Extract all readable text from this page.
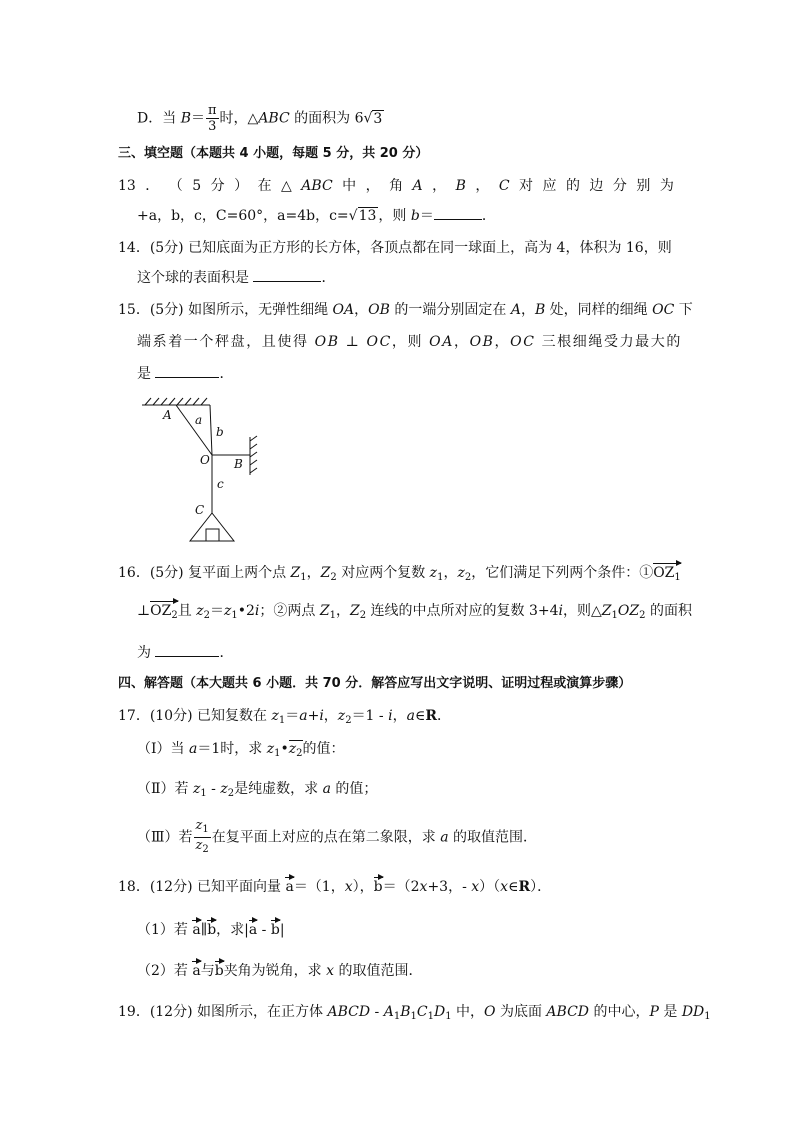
D．当 $B= \frac{\pi}{3}$ 时，△ABC 的面积为 6√3
三、填空题（本题共 4 小题，每题 5 分，共 20 分）
13 ． （ 5 分 ） 在 △ ABC 中 ， 角 A ， B ， C 对 应 的 边 分 别 为
+a，b，c，C=60°，a=4b，c=√13 ，则 b＝	．
14．(5分) 已知底面为正方形的长方体，各顶点都在同一球面上，高为 4，体积为 16，则
这个球的表面积是	．
15．(5分) 如图所示，无弹性细绳 OA，OB 的一端分别固定在 A，B 处，同样的细绳 OC 下
端系着一个秤盘，且使得 OB ⊥ OC，则 OA，OB，OC 三根细绳受力最大的
是	．
A a
b
O B
c
C
16．(5分) 复平面上两个点 $Z_1$，$Z_2$ 对应两个复数 $z_1$，$z_2$，它们满足下列两个条件：$①OZ_1$
$\perp OZ_2$且 $z_2=z_1•2i$；②两点 $Z_1$，$Z_2$ 连线的中点所对应的复数 3+4i，则$\triangle Z_1OZ_2$ 的面积
为	．
四、解答题（本大题共 6 小题．共 70 分．解答应写出文字说明、证明过程或演算步骤）
17．(10分) 已知复数在 $z_1=a+i$，$z_2=1 - i$，a∈R．
（Ⅰ）当 a＝1时，求 $z_1•z_2$的值：
（Ⅱ）若 $z_1 - z_2$是纯虚数，求 a 的值；
（Ⅲ）若 $\frac{z_1}{z_2}$ 在复平面上对应的点在第二象限，求 a 的取值范围．
18．(12分) 已知平面向量 a＝（1，x），b＝（2x+3，- x）（x∈R）．
（1）若 a∥b，求|a - b|
（2）若 a与b夹角为锐角，求 x 的取值范围．
19．(12分) 如图所示，在正方体 ABCD - $A_1B_1C_1D_1$ 中，O 为底面 ABCD 的中心，P 是 $DD_1$
